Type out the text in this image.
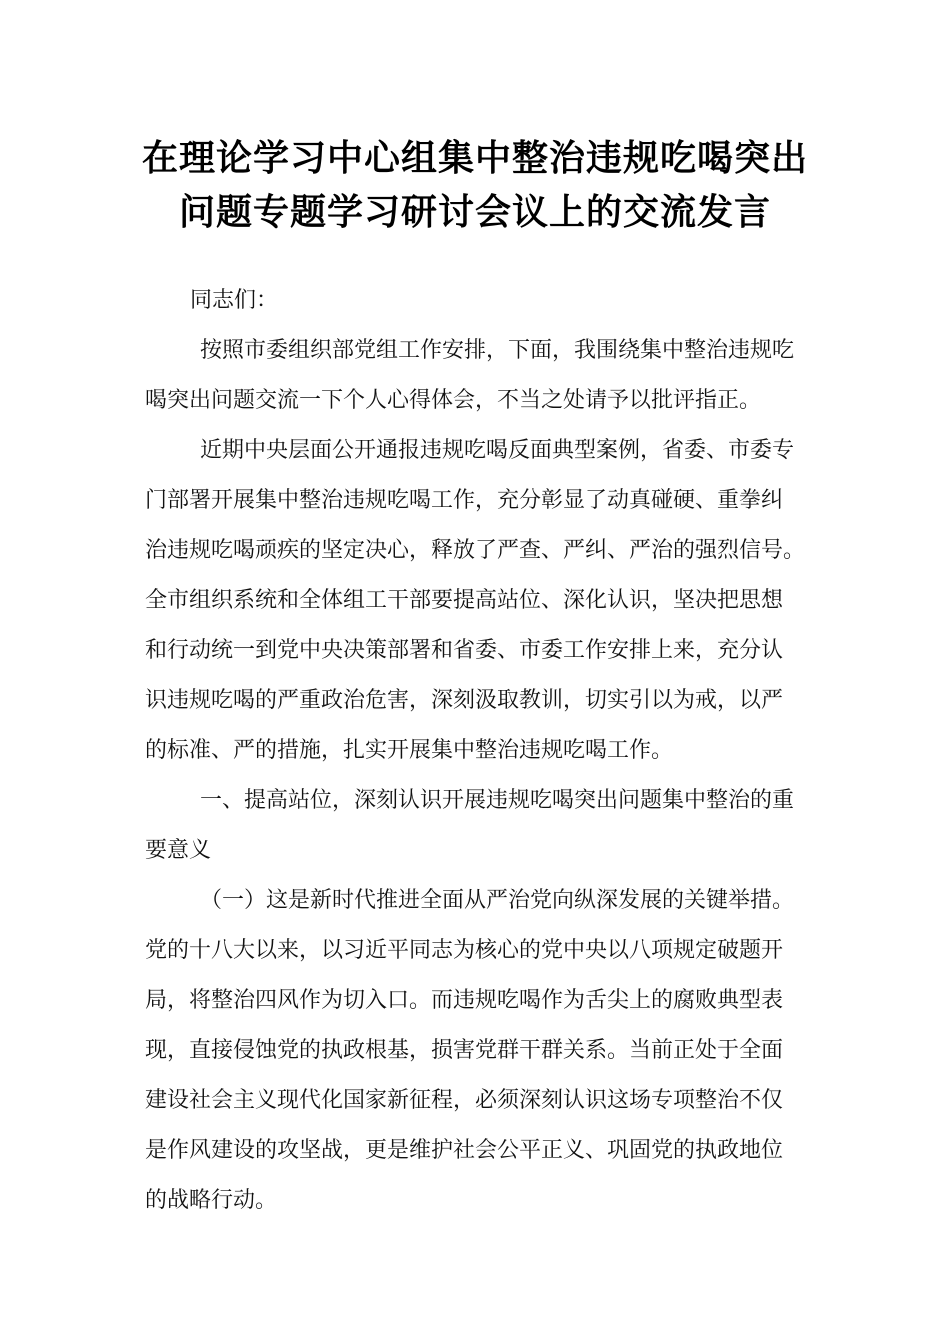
在理论学习中心组集中整治违规吃喝突出
问题专题学习研讨会议上的交流发言
同志们：
按照市委组织部党组工作安排，下面，我围绕集中整治违规吃
喝突出问题交流一下个人心得体会，不当之处请予以批评指正。
近期中央层面公开通报违规吃喝反面典型案例，省委、市委专
门部署开展集中整治违规吃喝工作，充分彰显了动真碰硬、重拳纠
治违规吃喝顽疾的坚定决心，释放了严查、严纠、严治的强烈信号。
全市组织系统和全体组工干部要提高站位、深化认识，坚决把思想
和行动统一到党中央决策部署和省委、市委工作安排上来，充分认
识违规吃喝的严重政治危害，深刻汲取教训，切实引以为戒，以严
的标准、严的措施，扎实开展集中整治违规吃喝工作。
一、提高站位，深刻认识开展违规吃喝突出问题集中整治的重
要意义
（一）这是新时代推进全面从严治党向纵深发展的关键举措。
党的十八大以来，以习近平同志为核心的党中央以八项规定破题开
局，将整治四风作为切入口。而违规吃喝作为舌尖上的腐败典型表
现，直接侵蚀党的执政根基，损害党群干群关系。当前正处于全面
建设社会主义现代化国家新征程，必须深刻认识这场专项整治不仅
是作风建设的攻坚战，更是维护社会公平正义、巩固党的执政地位
的战略行动。
